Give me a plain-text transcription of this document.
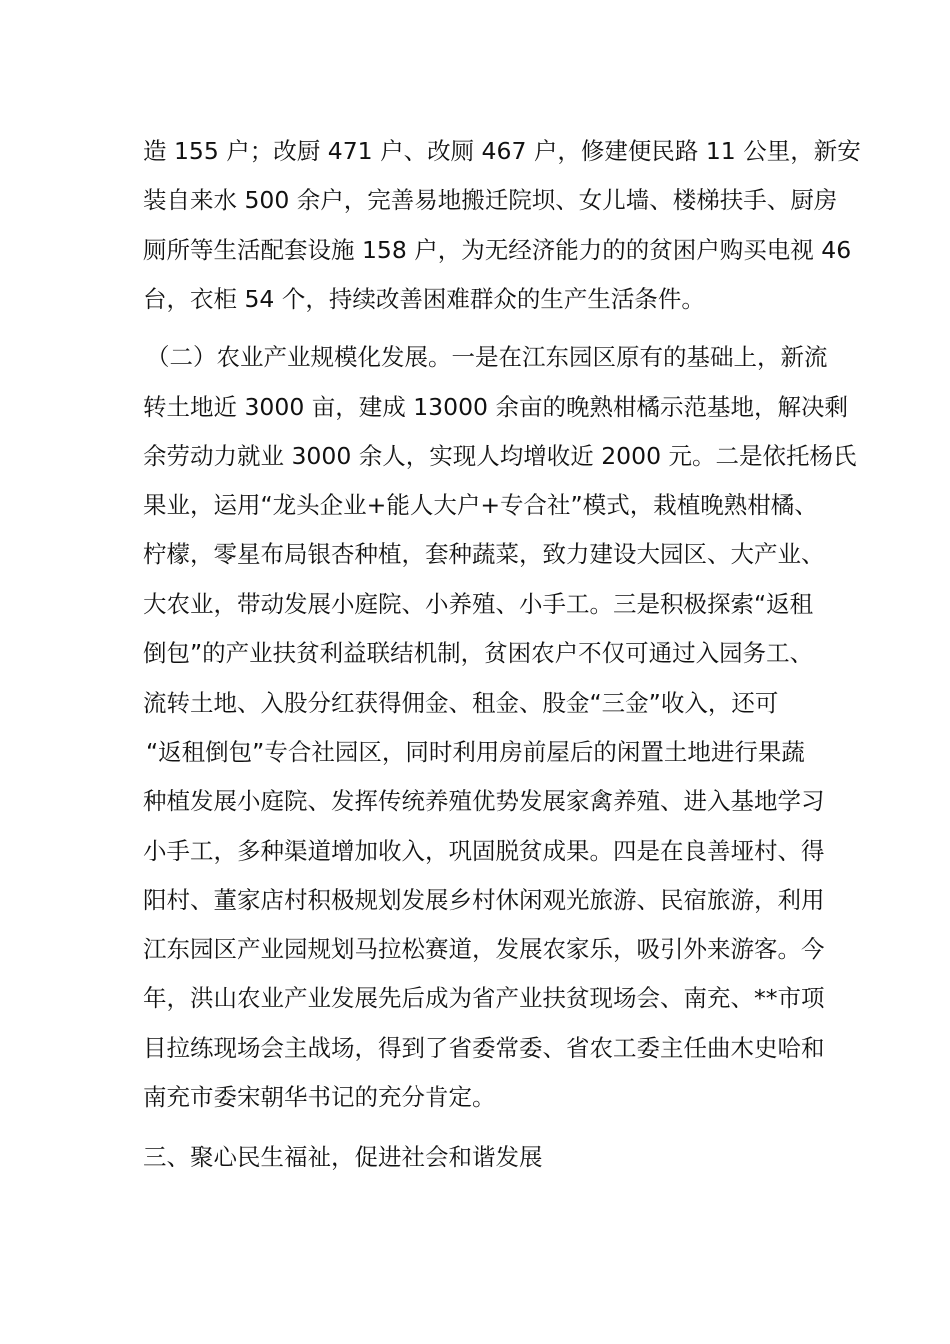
造 155 户；改厨 471 户、改厕 467 户，修建便民路 11 公里，新安
装自来水 500 余户，完善易地搬迁院坝、女儿墙、楼梯扶手、厨房
厕所等生活配套设施 158 户，为无经济能力的的贫困户购买电视 46
台，衣柜 54 个，持续改善困难群众的生产生活条件。
（二）农业产业规模化发展。一是在江东园区原有的基础上，新流
转土地近 3000 亩，建成 13000 余亩的晚熟柑橘示范基地，解决剩
余劳动力就业 3000 余人，实现人均增收近 2000 元。二是依托杨氏
果业，运用“龙头企业+能人大户+专合社”模式，栽植晚熟柑橘、
柠檬，零星布局银杏种植，套种蔬菜，致力建设大园区、大产业、
大农业，带动发展小庭院、小养殖、小手工。三是积极探索“返租
倒包”的产业扶贫利益联结机制，贫困农户不仅可通过入园务工、
流转土地、入股分红获得佣金、租金、股金“三金”收入，还可
“返租倒包”专合社园区，同时利用房前屋后的闲置土地进行果蔬
种植发展小庭院、发挥传统养殖优势发展家禽养殖、进入基地学习
小手工，多种渠道增加收入，巩固脱贫成果。四是在良善垭村、得
阳村、董家店村积极规划发展乡村休闲观光旅游、民宿旅游，利用
江东园区产业园规划马拉松赛道，发展农家乐，吸引外来游客。今
年，洪山农业产业发展先后成为省产业扶贫现场会、南充、**市项
目拉练现场会主战场，得到了省委常委、省农工委主任曲木史哈和
南充市委宋朝华书记的充分肯定。
三、聚心民生福祉，促进社会和谐发展
